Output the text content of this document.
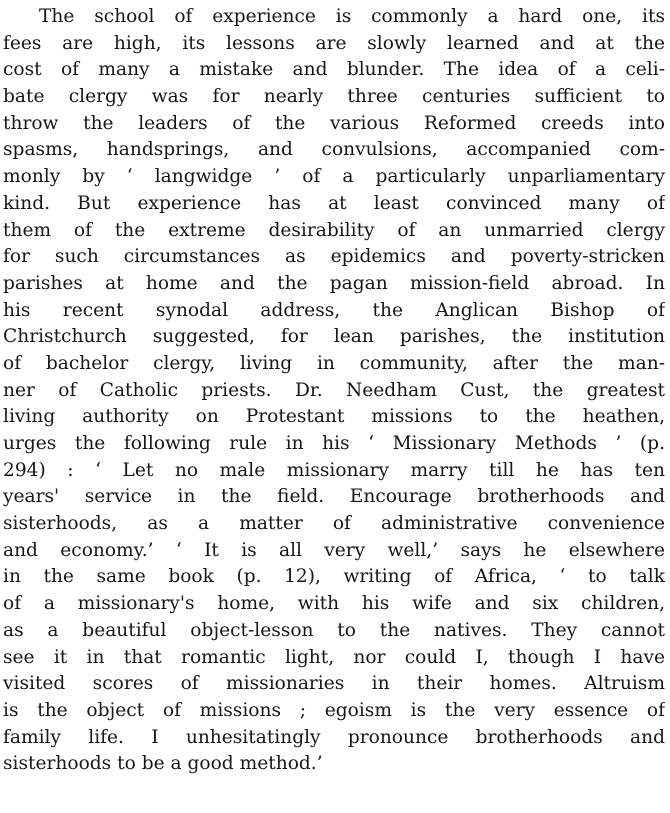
The school of experience is commonly a hard one, its
fees are high, its lessons are slowly learned and at the
cost of many a mistake and blunder. The idea of a celi-
bate clergy was for nearly three centuries sufficient to
throw the leaders of the various Reformed creeds into
spasms, handsprings, and convulsions, accompanied com-
monly by ‘ langwidge ’ of a particularly unparliamentary
kind. But experience has at least convinced many of
them of the extreme desirability of an unmarried clergy
for such circumstances as epidemics and poverty-stricken
parishes at home and the pagan mission-field abroad. In
his recent synodal address, the Anglican Bishop of
Christchurch suggested, for lean parishes, the institution
of bachelor clergy, living in community, after the man-
ner of Catholic priests. Dr. Needham Cust, the greatest
living authority on Protestant missions to the heathen,
urges the following rule in his ‘ Missionary Methods ’ (p.
294) : ‘ Let no male missionary marry till he has ten
years' service in the field. Encourage brotherhoods and
sisterhoods, as a matter of administrative convenience
and economy.’ ‘ It is all very well,’ says he elsewhere
in the same book (p. 12), writing of Africa, ‘ to talk
of a missionary's home, with his wife and six children,
as a beautiful object-lesson to the natives. They cannot
see it in that romantic light, nor could I, though I have
visited scores of missionaries in their homes. Altruism
is the object of missions ; egoism is the very essence of
family life. I unhesitatingly pronounce brotherhoods and
sisterhoods to be a good method.’
